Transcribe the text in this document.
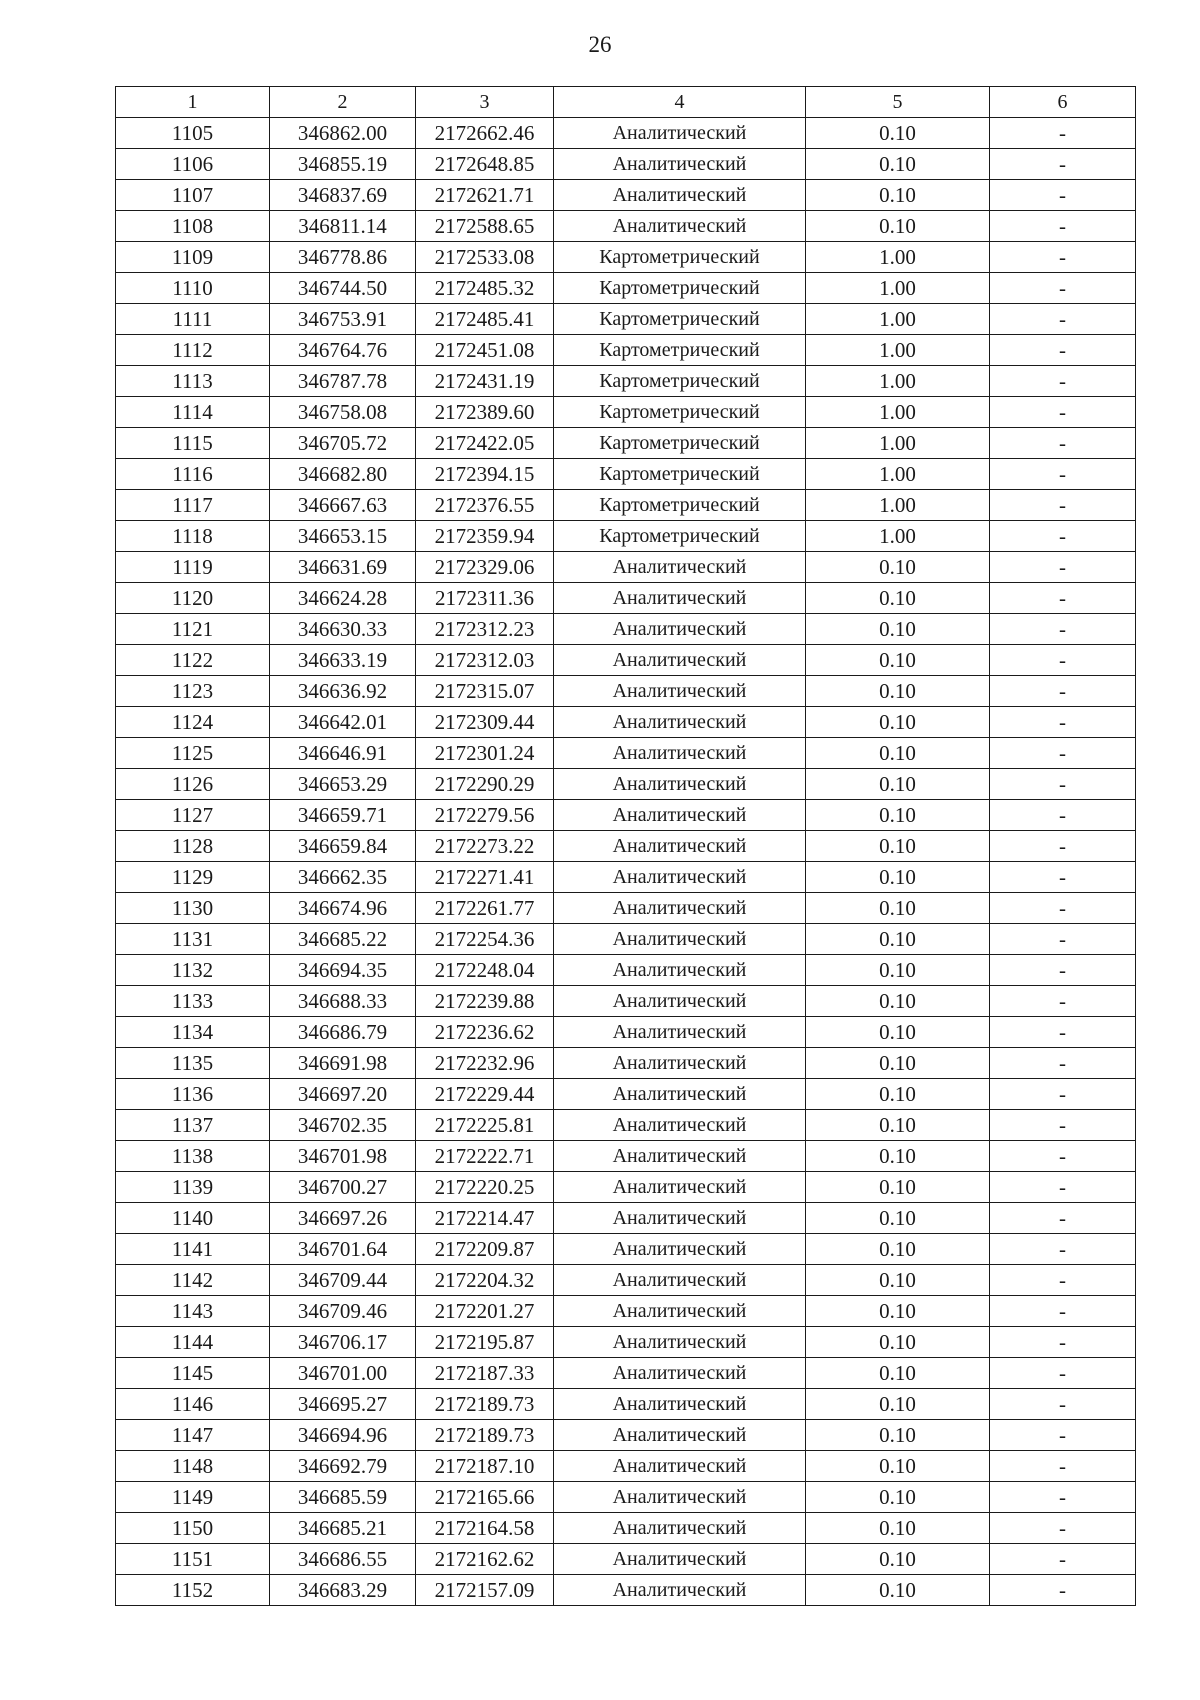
26
1	2	3	4	5	6
1105	346862.00	2172662.46	Аналитический	0.10	-
1106	346855.19	2172648.85	Аналитический	0.10	-
1107	346837.69	2172621.71	Аналитический	0.10	-
1108	346811.14	2172588.65	Аналитический	0.10	-
1109	346778.86	2172533.08	Картометрический	1.00	-
1110	346744.50	2172485.32	Картометрический	1.00	-
1111	346753.91	2172485.41	Картометрический	1.00	-
1112	346764.76	2172451.08	Картометрический	1.00	-
1113	346787.78	2172431.19	Картометрический	1.00	-
1114	346758.08	2172389.60	Картометрический	1.00	-
1115	346705.72	2172422.05	Картометрический	1.00	-
1116	346682.80	2172394.15	Картометрический	1.00	-
1117	346667.63	2172376.55	Картометрический	1.00	-
1118	346653.15	2172359.94	Картометрический	1.00	-
1119	346631.69	2172329.06	Аналитический	0.10	-
1120	346624.28	2172311.36	Аналитический	0.10	-
1121	346630.33	2172312.23	Аналитический	0.10	-
1122	346633.19	2172312.03	Аналитический	0.10	-
1123	346636.92	2172315.07	Аналитический	0.10	-
1124	346642.01	2172309.44	Аналитический	0.10	-
1125	346646.91	2172301.24	Аналитический	0.10	-
1126	346653.29	2172290.29	Аналитический	0.10	-
1127	346659.71	2172279.56	Аналитический	0.10	-
1128	346659.84	2172273.22	Аналитический	0.10	-
1129	346662.35	2172271.41	Аналитический	0.10	-
1130	346674.96	2172261.77	Аналитический	0.10	-
1131	346685.22	2172254.36	Аналитический	0.10	-
1132	346694.35	2172248.04	Аналитический	0.10	-
1133	346688.33	2172239.88	Аналитический	0.10	-
1134	346686.79	2172236.62	Аналитический	0.10	-
1135	346691.98	2172232.96	Аналитический	0.10	-
1136	346697.20	2172229.44	Аналитический	0.10	-
1137	346702.35	2172225.81	Аналитический	0.10	-
1138	346701.98	2172222.71	Аналитический	0.10	-
1139	346700.27	2172220.25	Аналитический	0.10	-
1140	346697.26	2172214.47	Аналитический	0.10	-
1141	346701.64	2172209.87	Аналитический	0.10	-
1142	346709.44	2172204.32	Аналитический	0.10	-
1143	346709.46	2172201.27	Аналитический	0.10	-
1144	346706.17	2172195.87	Аналитический	0.10	-
1145	346701.00	2172187.33	Аналитический	0.10	-
1146	346695.27	2172189.73	Аналитический	0.10	-
1147	346694.96	2172189.73	Аналитический	0.10	-
1148	346692.79	2172187.10	Аналитический	0.10	-
1149	346685.59	2172165.66	Аналитический	0.10	-
1150	346685.21	2172164.58	Аналитический	0.10	-
1151	346686.55	2172162.62	Аналитический	0.10	-
1152	346683.29	2172157.09	Аналитический	0.10	-
